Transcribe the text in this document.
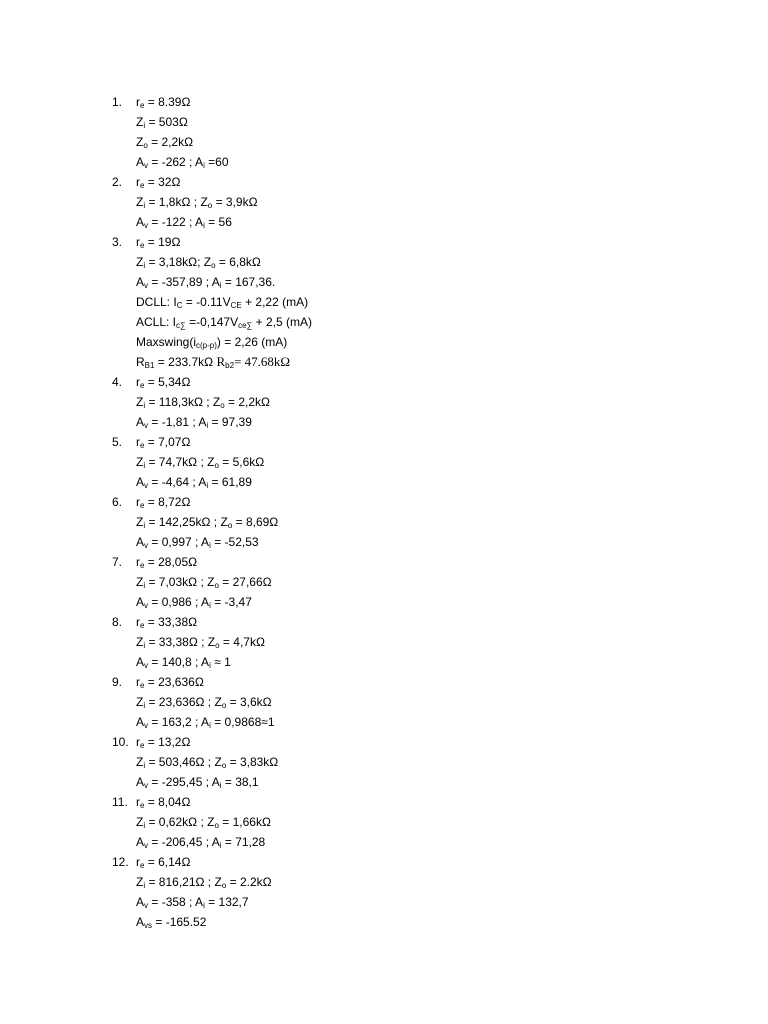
1.	$r_e = 8.39\Omega$
$Z_i = 503\Omega$
$Z_o = 2,2k\Omega$
$A_v = -262$ ; $A_i =60$
2.	$r_e = 32\Omega$
$Z_i = 1,8k\Omega$ ; $Z_o = 3,9k\Omega$
$A_v = -122$ ; $A_i = 56$
3.	$r_e = 19\Omega$
$Z_i = 3,18k\Omega$; $Z_o = 6,8k\Omega$
$A_v = -357,89$ ; $A_i = 167,36$.
DCLL: $I_C = -0.11V_{CE} + 2,22$ (mA)
ACLL: $I_{c\sum} =-0,147V_{ce\sum} + 2,5$ (mA)
$Maxswing(i_{c(p-p)}) = 2,26$ (mA)
$R_{B1} = 233.7k\Omega$ $R_{b2}= 47.68k\Omega$
4.	$r_e = 5,34\Omega$
$Z_i = 118,3k\Omega$ ; $Z_o = 2,2k\Omega$
$A_v = -1,81$ ; $A_i = 97,39$
5.	$r_e = 7,07\Omega$
$Z_i = 74,7k\Omega$ ; $Z_o = 5,6k\Omega$
$A_v = -4,64$ ; $A_i = 61,89$
6.	$r_e = 8,72\Omega$
$Z_i = 142,25k\Omega$ ; $Z_o = 8,69\Omega$
$A_v = 0,997$ ; $A_i = -52,53$
7.	$r_e = 28,05\Omega$
$Z_i = 7,03k\Omega$ ; $Z_o = 27,66\Omega$
$A_v = 0,986$ ; $A_i = -3,47$
8.	$r_e = 33,38\Omega$
$Z_i = 33,38\Omega$ ; $Z_o = 4,7k\Omega$
$A_v = 140,8$ ; $A_i \approx 1$
9.	$r_e = 23,636\Omega$
$Z_i = 23,636\Omega$ ; $Z_o = 3,6k\Omega$
$A_v = 163,2$ ; $A_i = 0,9868\approx 1$
10. $r_e = 13,2\Omega$
$Z_i = 503,46\Omega$ ; $Z_o = 3,83k\Omega$
$A_v = -295,45$ ; $A_i = 38,1$
11. $r_e = 8,04\Omega$
$Z_i = 0,62k\Omega$ ; $Z_o = 1,66k\Omega$
$A_v = -206,45$ ; $A_i = 71,28$
12. $r_e = 6,14\Omega$
$Z_i = 816,21\Omega$ ; $Z_o = 2.2k\Omega$
$A_v = -358$ ; $A_i = 132,7$
$A_{vs} = -165.52$
